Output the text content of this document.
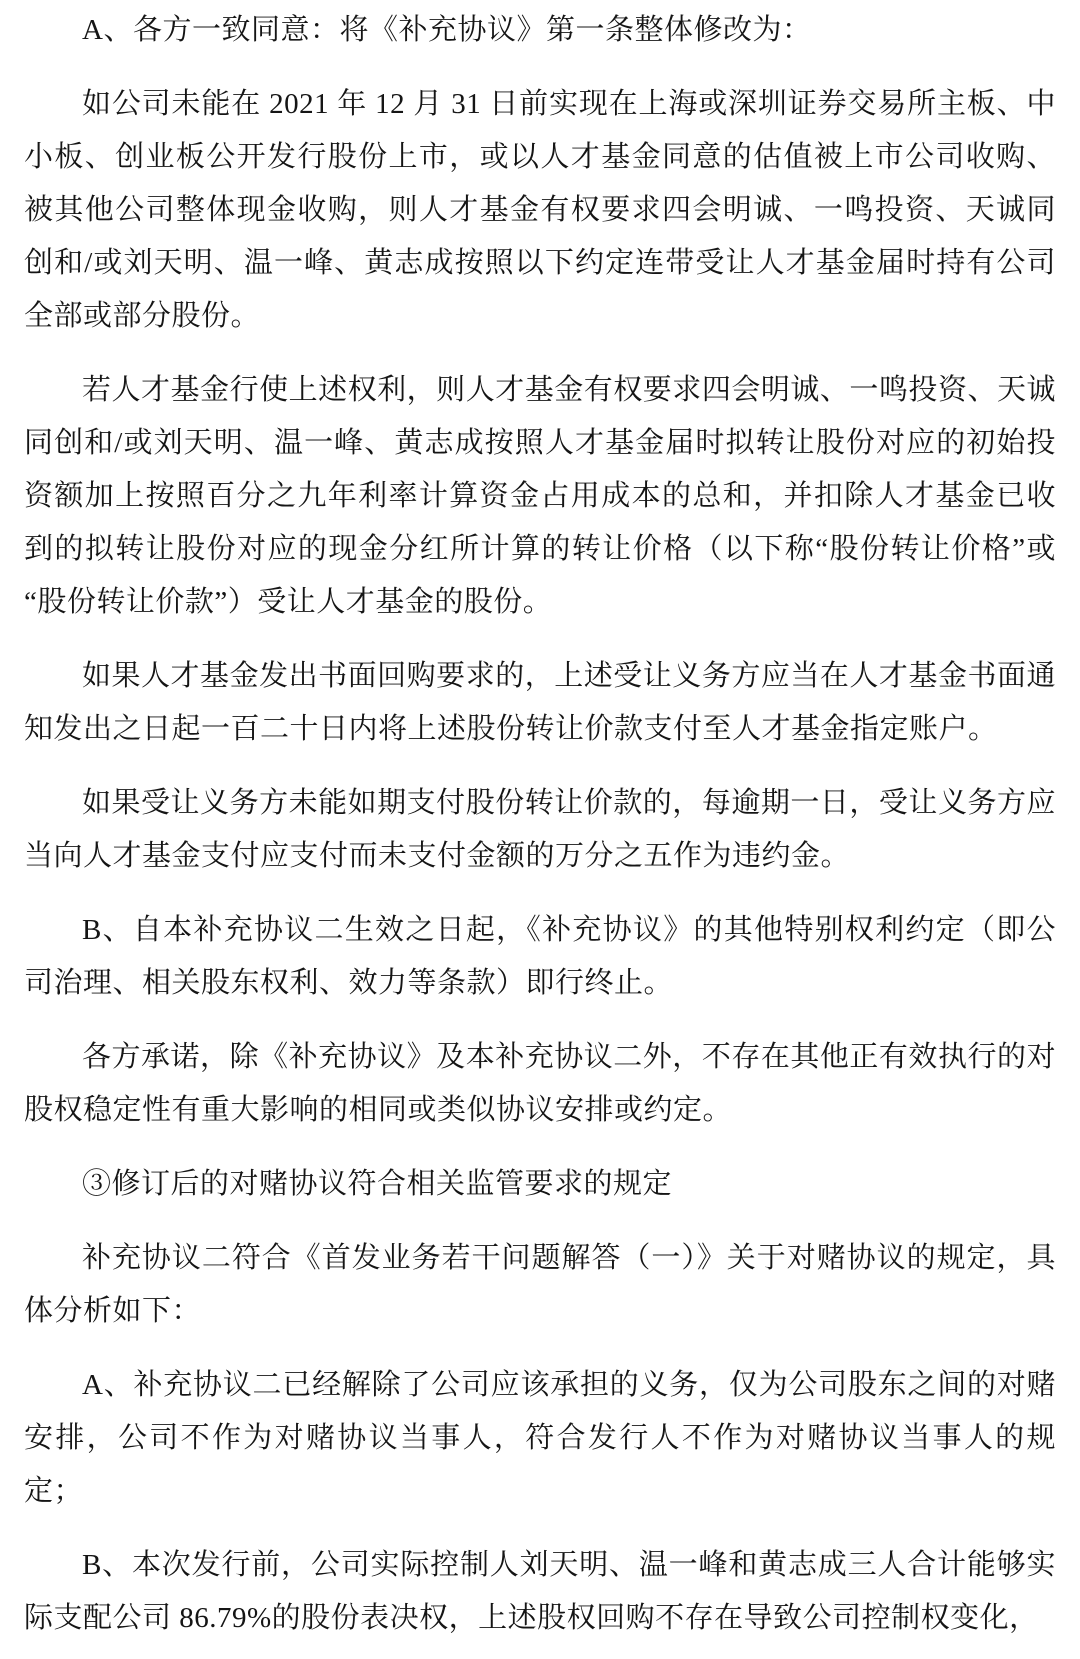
A、各方一致同意：将《补充协议》第一条整体修改为：

如公司未能在 2021 年 12 月 31 日前实现在上海或深圳证券交易所主板、中小板、创业板公开发行股份上市，或以人才基金同意的估值被上市公司收购、被其他公司整体现金收购，则人才基金有权要求四会明诚、一鸣投资、天诚同创和/或刘天明、温一峰、黄志成按照以下约定连带受让人才基金届时持有公司全部或部分股份。

若人才基金行使上述权利，则人才基金有权要求四会明诚、一鸣投资、天诚同创和/或刘天明、温一峰、黄志成按照人才基金届时拟转让股份对应的初始投资额加上按照百分之九年利率计算资金占用成本的总和，并扣除人才基金已收到的拟转让股份对应的现金分红所计算的转让价格（以下称“股份转让价格”或“股份转让价款”）受让人才基金的股份。

如果人才基金发出书面回购要求的，上述受让义务方应当在人才基金书面通知发出之日起一百二十日内将上述股份转让价款支付至人才基金指定账户。

如果受让义务方未能如期支付股份转让价款的，每逾期一日，受让义务方应当向人才基金支付应支付而未支付金额的万分之五作为违约金。

B、自本补充协议二生效之日起，《补充协议》的其他特别权利约定（即公司治理、相关股东权利、效力等条款）即行终止。

各方承诺，除《补充协议》及本补充协议二外，不存在其他正有效执行的对股权稳定性有重大影响的相同或类似协议安排或约定。

③修订后的对赌协议符合相关监管要求的规定

补充协议二符合《首发业务若干问题解答（一）》关于对赌协议的规定，具体分析如下：

A、补充协议二已经解除了公司应该承担的义务，仅为公司股东之间的对赌安排，公司不作为对赌协议当事人，符合发行人不作为对赌协议当事人的规定；

B、本次发行前，公司实际控制人刘天明、温一峰和黄志成三人合计能够实际支配公司 86.79%的股份表决权，上述股权回购不存在导致公司控制权变化，
